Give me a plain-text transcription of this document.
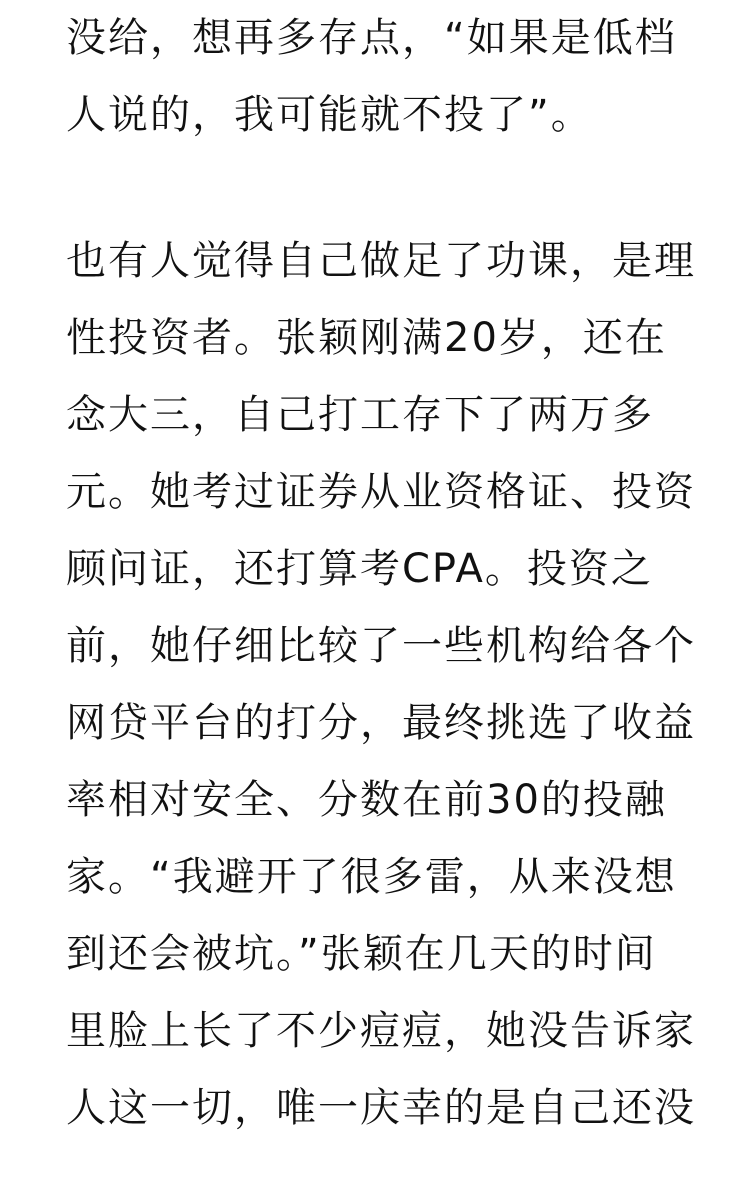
没给，想再多存点，“如果是低档
人说的，我可能就不投了”。
也有人觉得自己做足了功课，是理
性投资者。张颖刚满20岁，还在
念大三，自己打工存下了两万多
元。她考过证券从业资格证、投资
顾问证，还打算考CPA。投资之
前，她仔细比较了一些机构给各个
网贷平台的打分，最终挑选了收益
率相对安全、分数在前30的投融
家。“我避开了很多雷，从来没想
到还会被坑。”张颖在几天的时间
里脸上长了不少痘痘，她没告诉家
人这一切，唯一庆幸的是自己还没
